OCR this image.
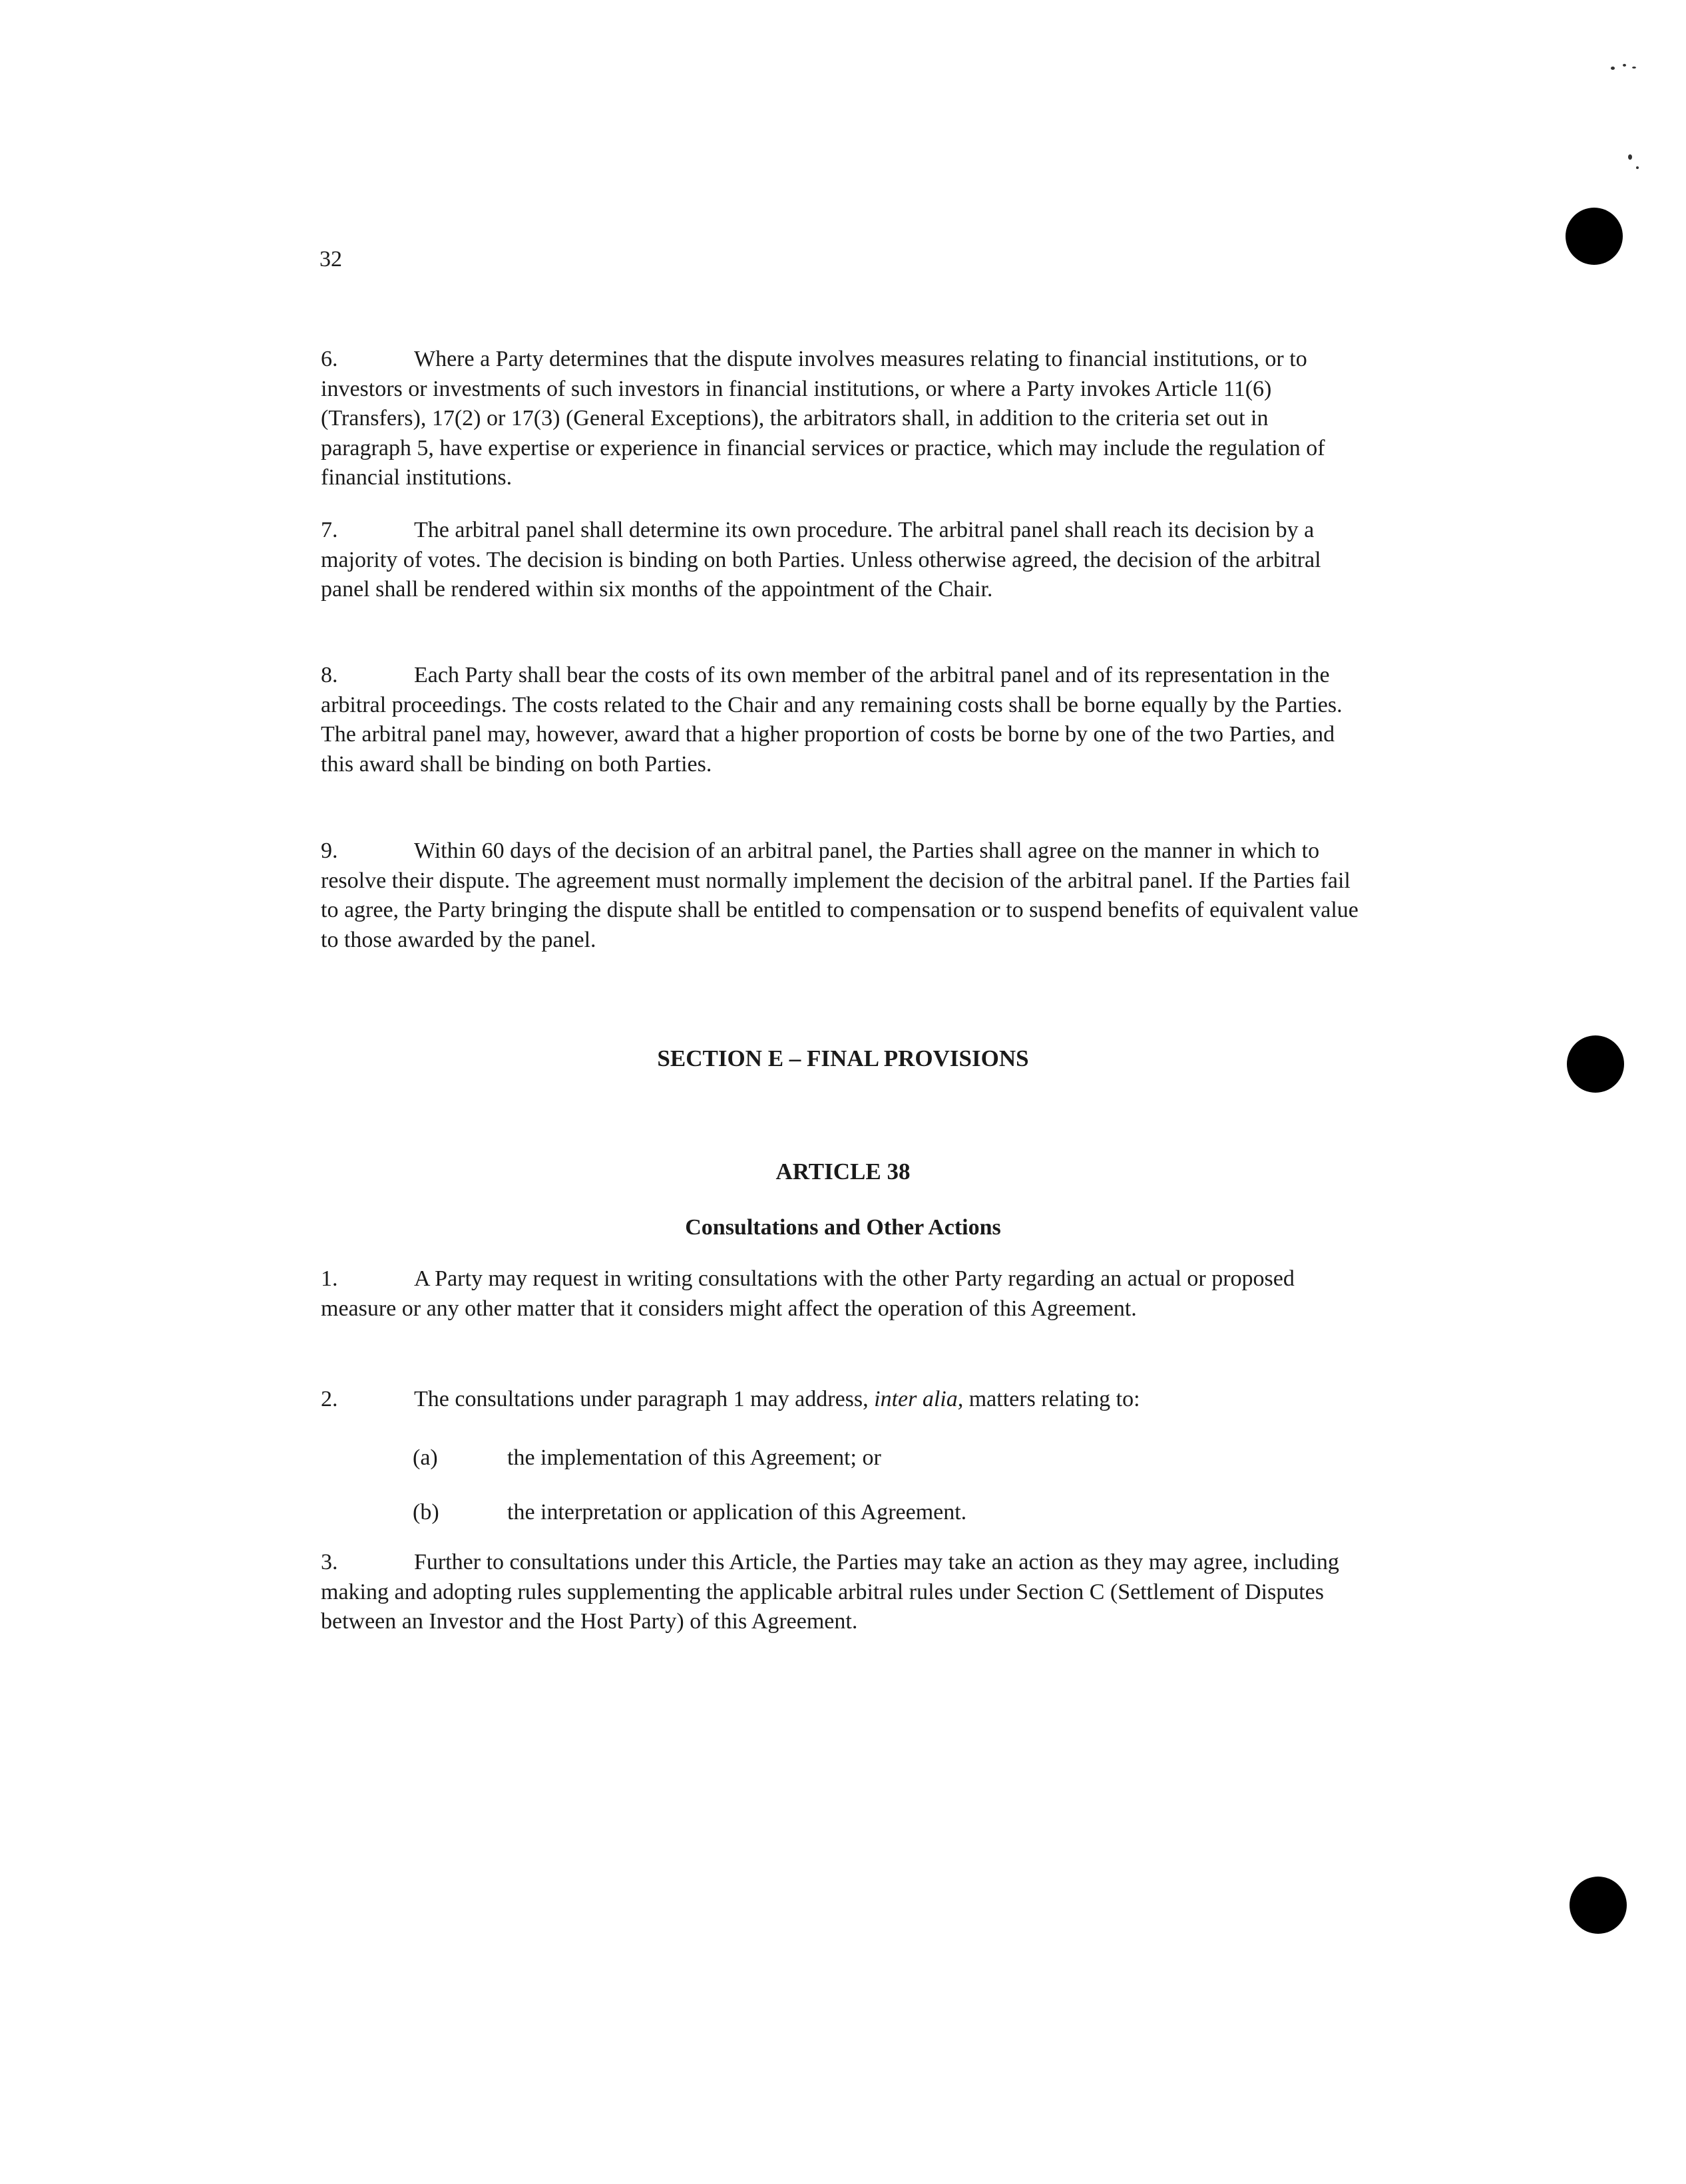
32

6.	Where a Party determines that the dispute involves measures relating to financial institutions, or to investors or investments of such investors in financial institutions, or where a Party invokes Article 11(6) (Transfers), 17(2) or 17(3) (General Exceptions), the arbitrators shall, in addition to the criteria set out in paragraph 5, have expertise or experience in financial services or practice, which may include the regulation of financial institutions.

7.	The arbitral panel shall determine its own procedure. The arbitral panel shall reach its decision by a majority of votes. The decision is binding on both Parties. Unless otherwise agreed, the decision of the arbitral panel shall be rendered within six months of the appointment of the Chair.

8.	Each Party shall bear the costs of its own member of the arbitral panel and of its representation in the arbitral proceedings. The costs related to the Chair and any remaining costs shall be borne equally by the Parties. The arbitral panel may, however, award that a higher proportion of costs be borne by one of the two Parties, and this award shall be binding on both Parties.

9.	Within 60 days of the decision of an arbitral panel, the Parties shall agree on the manner in which to resolve their dispute. The agreement must normally implement the decision of the arbitral panel. If the Parties fail to agree, the Party bringing the dispute shall be entitled to compensation or to suspend benefits of equivalent value to those awarded by the panel.

SECTION E – FINAL PROVISIONS
ARTICLE 38
Consultations and Other Actions

1.	A Party may request in writing consultations with the other Party regarding an actual or proposed measure or any other matter that it considers might affect the operation of this Agreement.

2.	The consultations under paragraph 1 may address, inter alia, matters relating to:

(a)	the implementation of this Agreement; or
(b)	the interpretation or application of this Agreement.

3.	Further to consultations under this Article, the Parties may take an action as they may agree, including making and adopting rules supplementing the applicable arbitral rules under Section C (Settlement of Disputes between an Investor and the Host Party) of this Agreement.
